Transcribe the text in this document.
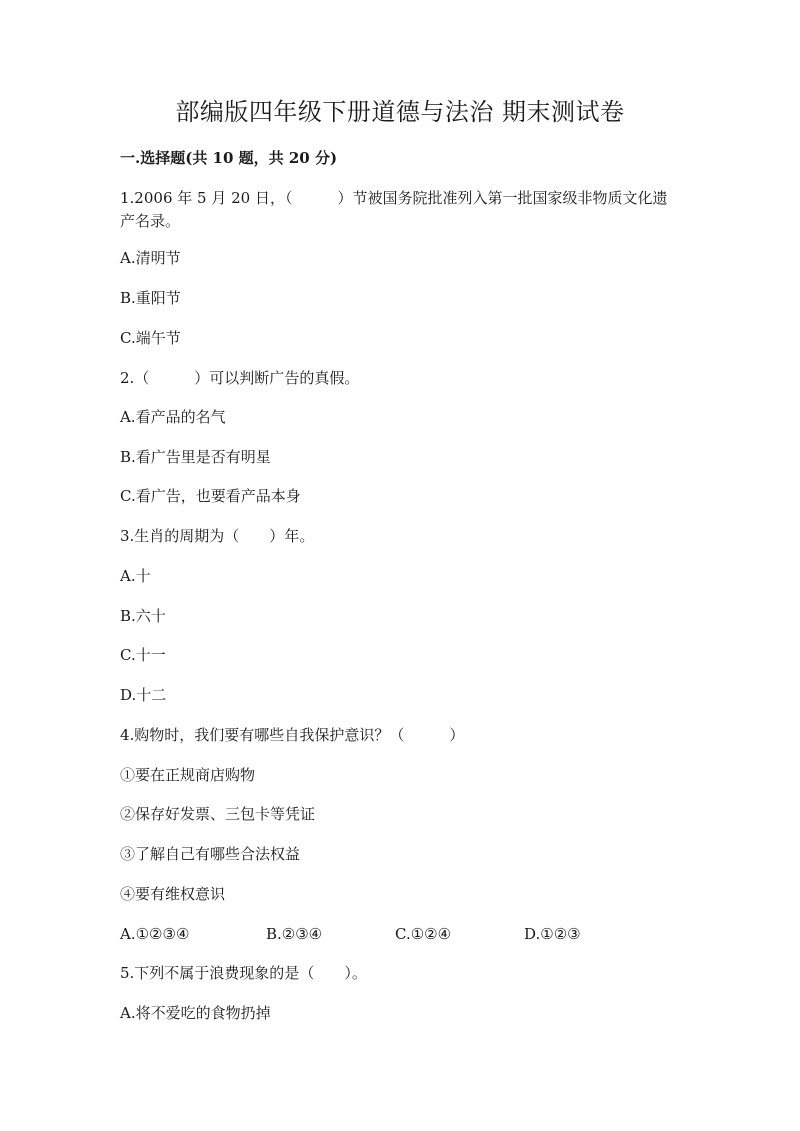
部编版四年级下册道德与法治 期末测试卷
一.选择题(共 10 题，共 20 分)
1.2006 年 5 月 20 日，（　　　）节被国务院批准列入第一批国家级非物质文化遗产名录。
A.清明节
B.重阳节
C.端午节
2.（　　　）可以判断广告的真假。
A.看产品的名气
B.看广告里是否有明星
C.看广告，也要看产品本身
3.生肖的周期为（　　）年。
A.十
B.六十
C.十一
D.十二
4.购物时，我们要有哪些自我保护意识？（　　　）
①要在正规商店购物
②保存好发票、三包卡等凭证
③了解自己有哪些合法权益
④要有维权意识
A.①②③④	B.②③④	C.①②④	D.①②③
5.下列不属于浪费现象的是（　　）。
A.将不爱吃的食物扔掉
